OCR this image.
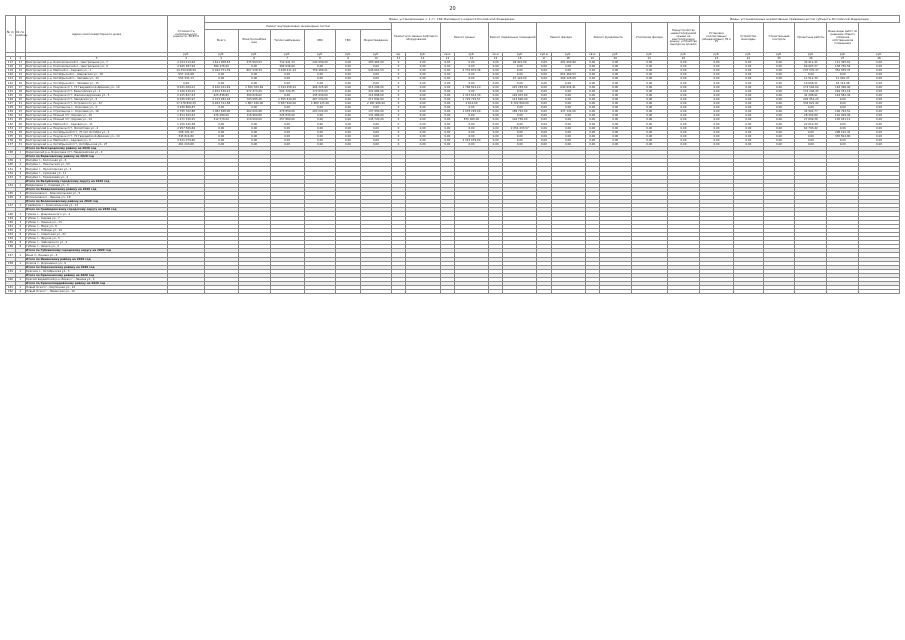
20
№ п/п	№ по району	Адрес многоквартирного дома	Стоимость капитального ремонта, ВСЕГО	Виды, установленные ч. 1 ст. 166 Жилищного кодекса Российской Федерации																		Виды, установленные нормативным правовым актом субъекта Российской Федерации					
				Ремонт внутридомовых инженерных систем						Ремонт или замена лифтового оборудования		Ремонт крыши		Ремонт подвальных помещений		Ремонт фасада		Ремонт фундамента		Утепление фасада	Переустройство невентилируемой крыши на вентилируемую крышу, устройство выхода на кровлю	Установка коллективных (общедомовых) ПУ и УУ	Устройство мансарды	Строительный контроль	Проектные работы	Иные виды работ по решению общего собрания собственников помещения	
				Всего	Электроснабже ние	Теплоснабжение	ХВС	ГВС	Водоотведение																		
			руб.	руб.	руб.	руб.	руб.	руб.	руб.	ед.	руб.	кв.м	руб.	кв.м	руб.	куб.м	руб.	кв.м	руб.	руб.	руб.	руб.	руб.	руб.	руб.	руб.	руб.
1	2	3	4	5	6	7	8	9	10	11	12	13	14	15	16	17	18	19	20	21	22	23	24	25	26	27	28
117	11	Белгородский р-н, Комсомольский п., Центральная ул., 7	2 224 213,64	1 611 958,63	375 563,93	712 441,73	240 490,00	0,00	283 463,00	0	0,00	0,00	0,00	0,00	69 947,00	0,00	401 900,99	0,00	0,00	0,00	0,00	0,00	0,00	0,00	44 911,41	121 445,61	0,00
118	12	Белгородский р-н, Комсомольский п., Центральная ул., 9	2 645 387,94	380 476,00	0,00	480 049,00	0,00	0,00	0,00	0	0,00	0,00	0,00	0,00	0,00	0,00	0,00	0,00	0,00	0,00	0,00	0,00	0,00	0,00	69 997,27	138 750,59	0,00
119	13	Белгородский р-н, Майский п., Садовая ул., 1	10 250 698,56	6 044 751,39	807 238,34	3 448 611,22	759 489,21	0,00	945 661,53	0	0,00	0,00	2 770 872,36	0,00	0,00	0,00	0,00	0,00	0,00	0,00	0,00	0,00	0,00	0,00	237 570,47	352 935,37	0,00
120	14	Белгородский р-н, Октябрьский п., Шаровская ул., 18	657 114,68	0,00	0,00	0,00	0,00	0,00	0,00	0	0,00	0,00	0,00	0,00	0,00	0,00	651 460,53	0,00	0,00	0,00	0,00	0,00	0,00	0,00	0,00	0,00	0,00
121	15	Белгородский р-н, Октябрьский п., Чапаева ул., 13	552 331,13	0,00	0,00	0,00	0,00	0,00	0,00	0	0,00	0,00	0,00	0,00	67 122,00	0,00	469 145,09	0,00	0,00	0,00	0,00	0,00	0,00	0,00	11 511,30	11 092,27	0,00
122	16	Белгородский р-н, Октябрьский п., Чапаева ул., 15	0,00	0,00	0,00	0,00	0,00	0,00	0,00	0	0,00	0,00	0,00	0,00	0,00	0,00	0,00	0,00	0,00	0,00	0,00	0,00	0,00	0,00	19 606,31	16 714,96	0,00
123	17	Белгородский р-н, Разумное пгт, 70 Гвардейской Дивизии ул., 10	8 631 009,01	4 420 241,49	1 500 320,69	2 344 458,22	466 325,90	0,00	915 296,00	0	0,00	0,00	1 768 821,10	0,00	225 283,00	0,00	640 934,41	0,00	0,00	0,00	0,00	0,00	0,00	0,00	172 592,64	163 396,90	0,00
124	18	Белгородский р-н, Разумное пгт, Бельгийская ул., 2	3 106 230,02	2 454 536,21	972 473,29	502 720,35	170 933,00	0,00	431 682,00	0	0,00	0,00	0,00	0,00	0,00	0,00	0,00	0,00	0,00	0,00	0,00	0,00	0,00	0,00	172 294,45	249 331,16	0,00
125	19	Белгородский р-н, Разумное пгт, Железнодорожная ул., 5	2 225 827,23	425 838,85	390 616,62	0,00	135 930,00	0,00	114 898,00	0	0,00	0,00	1 313 612,30	0,00	129 907,00	0,00	0,00	0,00	0,00	0,00	0,00	0,00	0,00	0,00	41 296,91	144 581,34	0,00
126	20	Белгородский р-н, Разумное пгт, Заводская ул., 4	6 045 045,97	1 723 282,18	793 085,46	1 355 610,00	267 230,00	0,00	217 894,00	0	0,00	0,00	1 729 724,57	0,00	113 890,00	0,00	0,00	0,00	0,00	0,00	0,00	0,00	0,00	0,00	202 951,24	0,00	0,00
127	21	Белгородский р-н, Разумное пгт, Островского ул., 32	17 278 800,25	9 264 741,58	1 807 240,00	5 587 620,00	1 869 125,00	0,00	2 181 966,20	0	0,00	0,00	2 612,00	0,00	6 722 800,00	0,00	0,00	0,00	0,00	0,00	0,00	0,00	0,00	0,00	334 621,42	0,00	0,00
128	22	Белгородский р-н, Стрелецкое с., Королева ул., 3	3 936 866,87	0,00	0,00	0,00	0,00	0,00	0,00	0	0,00	0,00	0,00	0,00	0,00	0,00	0,00	0,00	0,00	0,00	0,00	0,00	0,00	0,00	0,00	0,00	0,00
129	23	Белгородский р-н, Стрелецкое с., Королева ул., 16	2 795 762,86	1 082 638,90	262 604,98	479 850,00	203 224,00	0,00	137 950,00	0	0,00	0,00	1 078 225,00	0,00	189 710,00	0,00	437 141,00	0,00	0,00	0,00	0,00	0,00	0,00	0,00	34 991,77	100 742,51	0,00
130	24	Белгородский р-н, Южный пгт, Кирова ул., 10	1 814 163,44	476 289,00	118 969,80	225 833,00	0,00	0,00	131 486,00	0	0,00	0,00	0,00	0,00	0,00	0,00	0,00	0,00	0,00	0,00	0,00	0,00	0,00	0,00	28 302,89	110 009,90	0,00
131	25	Белгородский р-н, Южный пгт, Кирова ул., 14	1 471 330,25	312 570,00	110 000,00	257 860,00	0,00	0,00	145 720,00	0	0,00	0,00	870 000,00	0,00	104 750,00	0,00	0,00	0,00	0,00	0,00	0,00	0,00	0,00	0,00	27 699,36	130 031,11	0,00
132	26	Белгородский р-н, Майский п., Садовая ул., 11	1 156 520,38	0,00	0,00	0,00	0,00	0,00	0,00	0	0,00	0,00	0,00	0,00	0,00	0,00	0,00	0,00	0,00	0,00	0,00	0,00	0,00	0,00	22 012,39	0,00	0,00
133	27	Белгородский р-н, Разумное пгт, Филиппова ул., 4	2 957 566,69	0,00	0,00	0,00	0,00	0,00	0,00	0	0,00	0,00	0,00	0,00	2 054 233,57	0,00	0,00	0,00	0,00	0,00	0,00	0,00	0,00	0,00	62 793,42	0,00	0,00
134	28	Белгородский р-н, Октябрьский пгт, 70 лет Октября ул., 4	208 191,41	0,00	0,00	0,00	0,00	0,00	0,00	0	0,00	0,00	0,00	0,00	0,00	0,00	0,00	0,00	0,00	0,00	0,00	0,00	0,00	0,00	0,00	208 191,41	0,00
135	29	Белгородский р-н, Разумное пгт, 70 Гвардейской Дивизии ул., 10	345 814,80	0,00	0,00	0,00	0,00	0,00	0,00	0	0,00	0,00	0,00	0,00	0,00	0,00	0,00	0,00	0,00	0,00	0,00	0,00	0,00	0,00	0,00	345 814,80	0,00
136	30	Белгородский р-н, Майский п., Садовая ул., 5	4 521 079,60	0,00	0,00	0,00	0,00	0,00	0,00	0	0,00	0,00	4 315 079,00	0,00	0,00	0,00	0,00	0,00	0,00	0,00	0,00	0,00	0,00	0,00	0,00	0,00	0,00
137	31	Белгородский р-н, Октябрьский пгт, Октябрьская ул., 27	461 213,66	0,00	0,00	0,00	0,00	0,00	0,00	0	0,00	0,00	0,00	0,00	0,00	0,00	0,00	0,00	0,00	0,00	0,00	0,00	0,00	0,00	0,00	0,00	0,00
		Итого по Белгородскому району на 2020 год																									
138	1	Борисовский р-н, Борисовка пгт, Первомайская ул., 2																									
		Итого по Борисовскому району на 2020 год																									
139	1	Валуйки г., Колхозная ул., 6																									
140	2	Валуйки г., Никольская ул., 53																									
141	3	Валуйки г., Пролетарская ул., 9																									
142	4	Валуйки г., Суворова ул., 11																									
143	5	Валуйки г., Тимирязева ул., 4																									
		Итого по Валуйскому городскому округу на 2020 год																									
144	1	Вейделевка п., Садовая ул., 3																									
		Итого по Вейделевскому району на 2020 год																									
145	1	Волоконовка п., Комсомольская ул., 5																									
146	2	Волоконовка п., Ленина ул., 18																									
		Итого по Волоконовскому району на 2020 год																									
147	1	Грайворон г., Комсомольская ул., 12																									
		Итого по Грайворонскому городскому округу на 2020 год																									
148	1	Губкин г., Дзержинского ул., 4																									
149	2	Губкин г., Кирова ул., 7																									
150	3	Губкин г., Ленина ул., 13																									
151	4	Губкин г., Мира ул., 8																									
152	5	Губкин г., Победы ул., 10																									
153	6	Губкин г., Советская ул., 21																									
154	7	Губкин г., Фрунзе ул., 5																									
155	8	Губкин г., Чайковского ул., 2																									
156	9	Губкин г., Щорса ул., 3																									
		Итого по Губкинскому городскому округу на 2020 год																									
157	1	Ивня п., Ленина ул., 4																									
		Итого по Ивнянскому району на 2020 год																									
158	1	Короча г., Дорошенко ул., 9																									
		Итого по Корочанскому району на 2020 год																									
159	1	Красное с., Октябрьская ул., 3																									
		Итого по Красненскому району на 2020 год																									
160	1	Красногвардейский р-н, Бирюч г., Ленина ул., 2																									
		Итого по Красногвардейскому району на 2020 год																									
161	1	Новый Оскол г., Кирпичная ул., 23																									
162	2	Новый Оскол г., Ливенская ул., 10																									
